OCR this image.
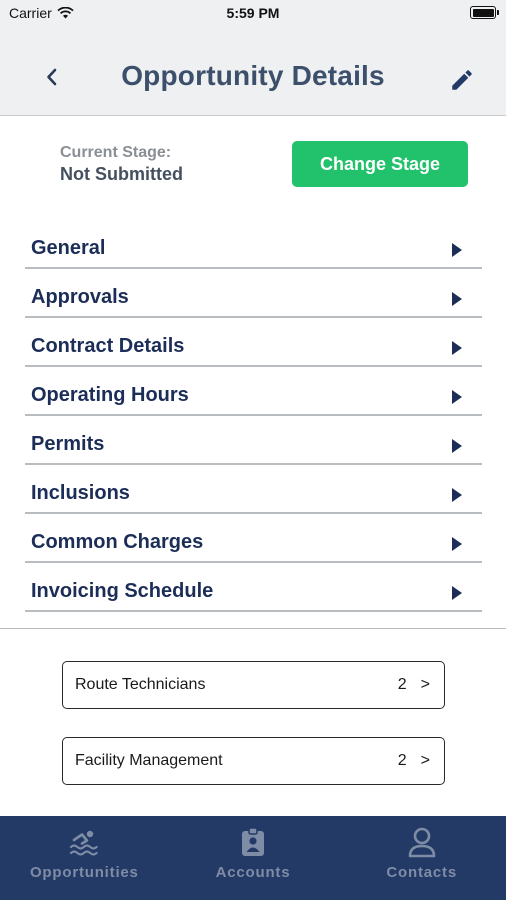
Carrier	5:59 PM
Opportunity Details
Current Stage:
Not Submitted
Change Stage
General
Approvals
Contract Details
Operating Hours
Permits
Inclusions
Common Charges
Invoicing Schedule
Route Technicians	2 >
Facility Management	2 >
Opportunities	Accounts	Contacts
